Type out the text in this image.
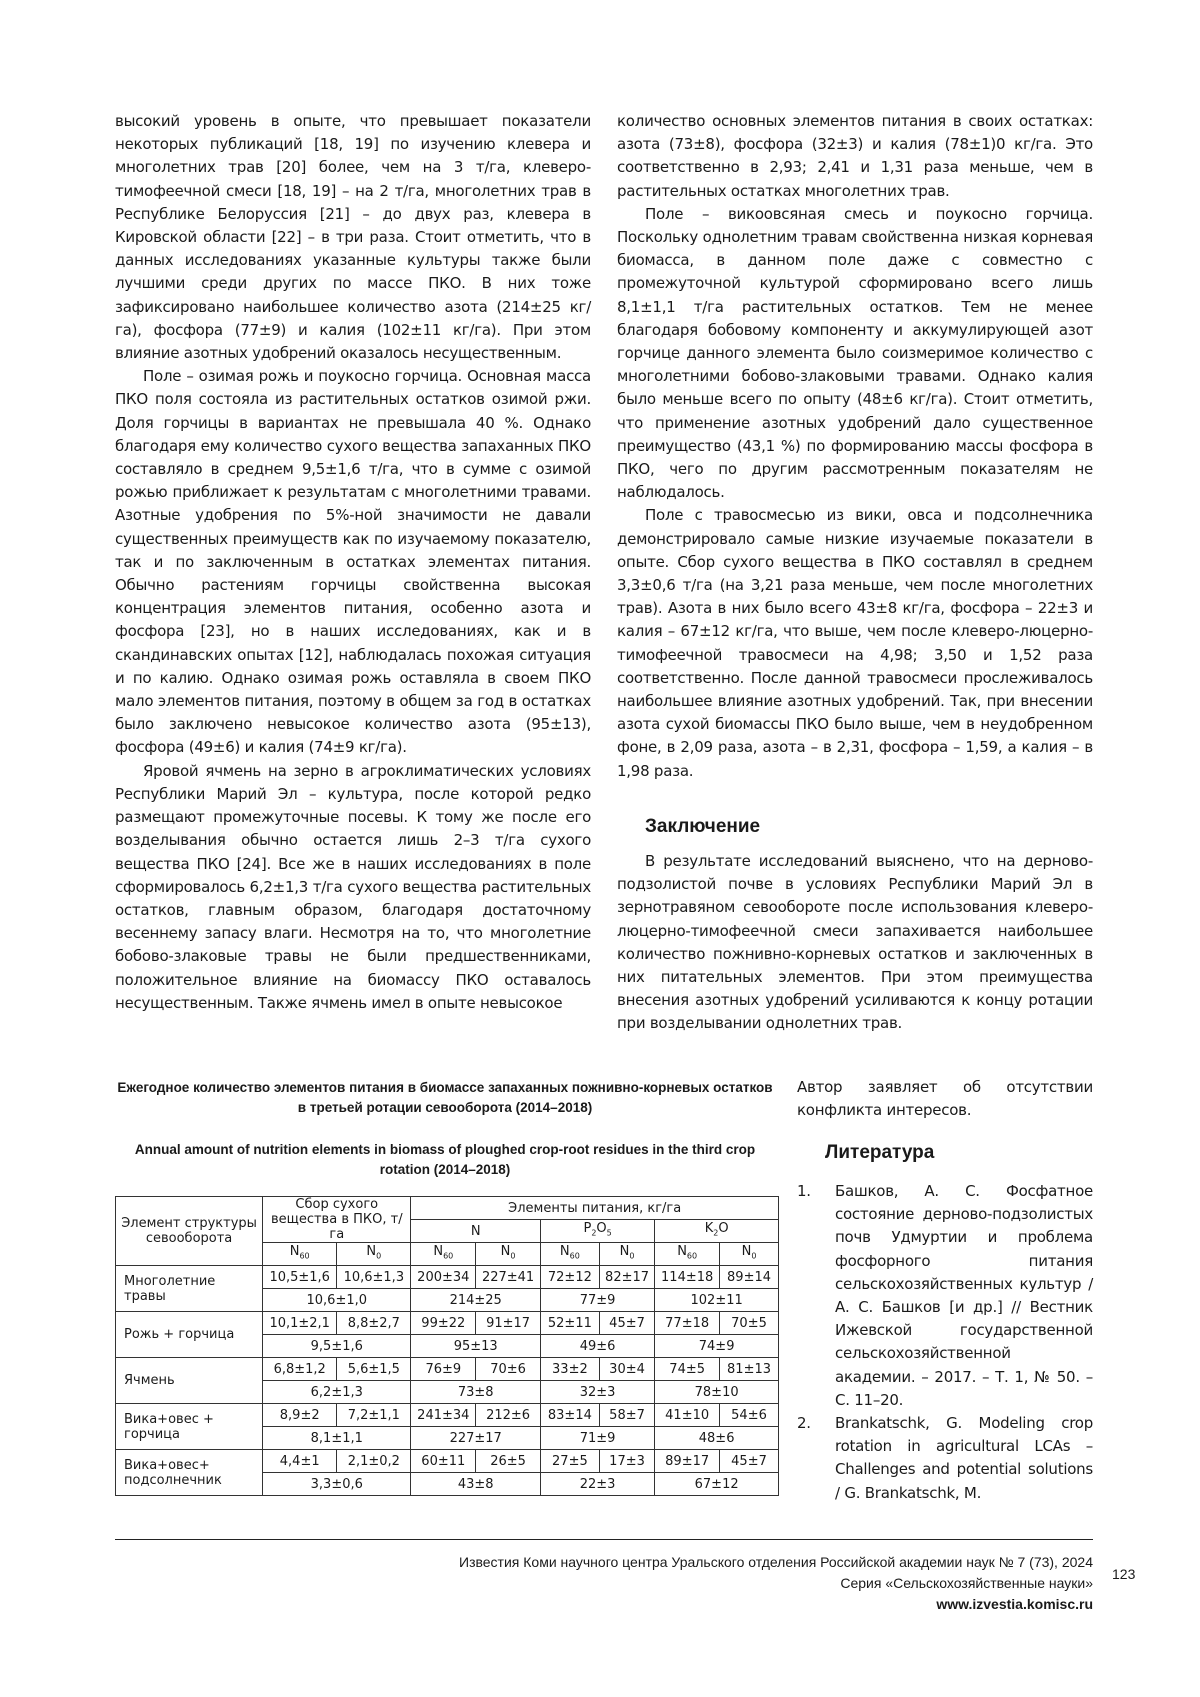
высокий уровень в опыте, что превышает показатели некоторых публикаций [18, 19] по изучению клевера и многолетних трав [20] более, чем на 3 т/га, клеверо-тимофеечной смеси [18, 19] – на 2 т/га, многолетних трав в Республике Белоруссия [21] – до двух раз, клевера в Кировской области [22] – в три раза. Стоит отметить, что в данных исследованиях указанные культуры также были лучшими среди других по массе ПКО. В них тоже зафиксировано наибольшее количество азота (214±25 кг/га), фосфора (77±9) и калия (102±11 кг/га). При этом влияние азотных удобрений оказалось несущественным.

Поле – озимая рожь и поукосно горчица. Основная масса ПКО поля состояла из растительных остатков озимой ржи. Доля горчицы в вариантах не превышала 40 %. Однако благодаря ему количество сухого вещества запаханных ПКО составляло в среднем 9,5±1,6 т/га, что в сумме с озимой рожью приближает к результатам с многолетними травами. Азотные удобрения по 5%-ной значимости не давали существенных преимуществ как по изучаемому показателю, так и по заключенным в остатках элементах питания. Обычно растениям горчицы свойственна высокая концентрация элементов питания, особенно азота и фосфора [23], но в наших исследованиях, как и в скандинавских опытах [12], наблюдалась похожая ситуация и по калию. Однако озимая рожь оставляла в своем ПКО мало элементов питания, поэтому в общем за год в остатках было заключено невысокое количество азота (95±13), фосфора (49±6) и калия (74±9 кг/га).

Яровой ячмень на зерно в агроклиматических условиях Республики Марий Эл – культура, после которой редко размещают промежуточные посевы. К тому же после его возделывания обычно остается лишь 2–3 т/га сухого вещества ПКО [24]. Все же в наших исследованиях в поле сформировалось 6,2±1,3 т/га сухого вещества растительных остатков, главным образом, благодаря достаточному весеннему запасу влаги. Несмотря на то, что многолетние бобово-злаковые травы не были предшественниками, положительное влияние на биомассу ПКО оставалось несущественным. Также ячмень имел в опыте невысокое

количество основных элементов питания в своих остатках: азота (73±8), фосфора (32±3) и калия (78±1)0 кг/га. Это соответственно в 2,93; 2,41 и 1,31 раза меньше, чем в растительных остатках многолетних трав.

Поле – викоовсяная смесь и поукосно горчица. Поскольку однолетним травам свойственна низкая корневая биомасса, в данном поле даже с совместно с промежуточной культурой сформировано всего лишь 8,1±1,1 т/га растительных остатков. Тем не менее благодаря бобовому компоненту и аккумулирующей азот горчице данного элемента было соизмеримое количество с многолетними бобово-злаковыми травами. Однако калия было меньше всего по опыту (48±6 кг/га). Стоит отметить, что применение азотных удобрений дало существенное преимущество (43,1 %) по формированию массы фосфора в ПКО, чего по другим рассмотренным показателям не наблюдалось.

Поле с травосмесью из вики, овса и подсолнечника демонстрировало самые низкие изучаемые показатели в опыте. Сбор сухого вещества в ПКО составлял в среднем 3,3±0,6 т/га (на 3,21 раза меньше, чем после многолетних трав). Азота в них было всего 43±8 кг/га, фосфора – 22±3 и калия – 67±12 кг/га, что выше, чем после клеверо-люцерно-тимофеечной травосмеси на 4,98; 3,50 и 1,52 раза соответственно. После данной травосмеси прослеживалось наибольшее влияние азотных удобрений. Так, при внесении азота сухой биомассы ПКО было выше, чем в неудобренном фоне, в 2,09 раза, азота – в 2,31, фосфора – 1,59, а калия – в 1,98 раза.

Заключение

В результате исследований выяснено, что на дерново-подзолистой почве в условиях Республики Марий Эл в зернотравяном севообороте после использования клеверо-люцерно-тимофеечной смеси запахивается наибольшее количество пожнивно-корневых остатков и заключенных в них питательных элементов. При этом преимущества внесения азотных удобрений усиливаются к концу ротации при возделывании однолетних трав.

Ежегодное количество элементов питания в биомассе запаханных пожнивно-корневых остатков в третьей ротации севооборота (2014–2018)
Annual amount of nutrition elements in biomass of ploughed crop-root residues in the third crop rotation (2014–2018)
Элемент структуры севооборота	Сбор сухого вещества в ПКО, т/га		Элементы питания, кг/га					
			N		$P_2O_5$		$K_2O$	
	$N_{60}$	$N_0$	$N_{60}$	$N_0$	$N_{60}$	$N_0$	$N_{60}$	$N_0$
Многолетние травы	10,5±1,6	10,6±1,3	200±34	227±41	72±12	82±17	114±18	89±14
	10,6±1,0		214±25		77±9		102±11	
Рожь + горчица	10,1±2,1	8,8±2,7	99±22	91±17	52±11	45±7	77±18	70±5
	9,5±1,6		95±13		49±6		74±9	
Ячмень	6,8±1,2	5,6±1,5	76±9	70±6	33±2	30±4	74±5	81±13
	6,2±1,3		73±8		32±3		78±10	
Вика+овес + горчица	8,9±2	7,2±1,1	241±34	212±6	83±14	58±7	41±10	54±6
	8,1±1,1		227±17		71±9		48±6	
Вика+овес+ подсолнечник	4,4±1	2,1±0,2	60±11	26±5	27±5	17±3	89±17	45±7
	3,3±0,6		43±8		22±3		67±12	
Автор заявляет об отсутствии конфликта интересов.
Литература
1.	Башков, А. С. Фосфатное состояние дерново-подзолистых почв Удмуртии и проблема фосфорного питания сельскохозяйственных культур / А. С. Башков [и др.] // Вестник Ижевской государственной сельскохозяйственной академии. – 2017. – Т. 1, № 50. – С. 11–20.
2.	Brankatschk, G. Modeling crop rotation in agricultural LCAs – Challenges and potential solutions / G. Brankatschk, M.
Известия Коми научного центра Уральского отделения Российской академии наук № 7 (73), 2024
Серия «Сельскохозяйственные науки»
www.izvestia.komisc.ru
123
